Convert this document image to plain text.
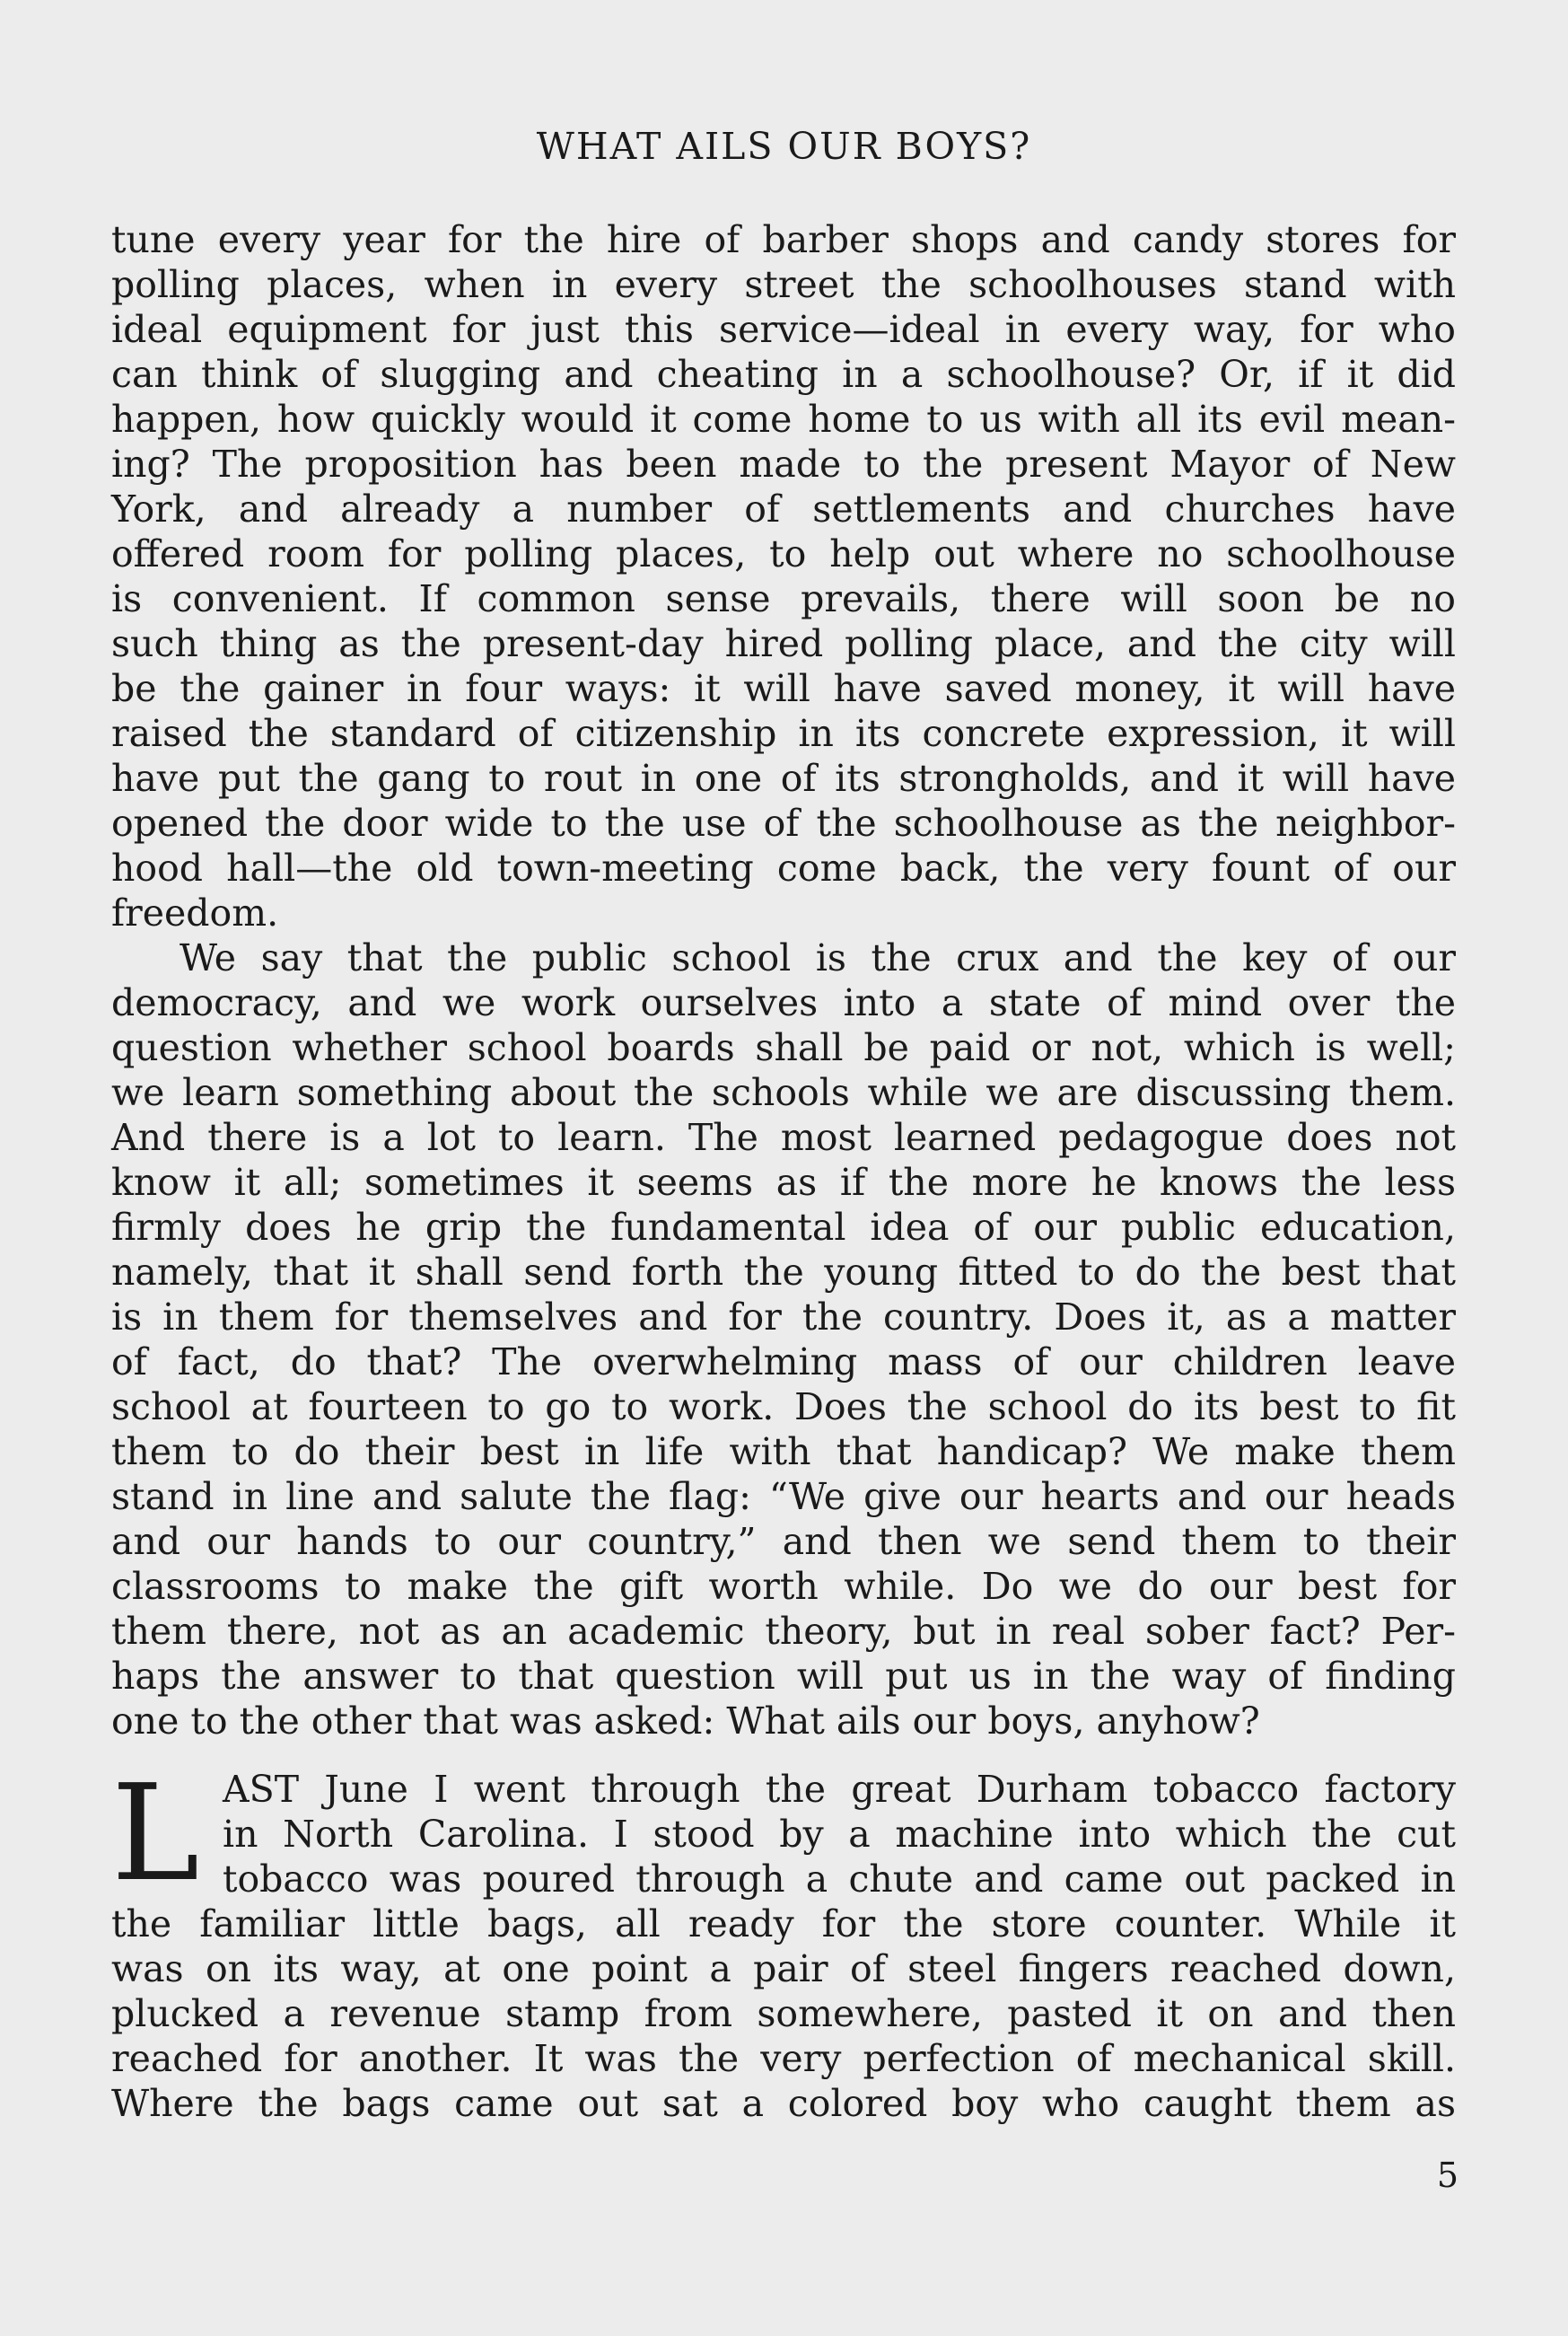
WHAT AILS OUR BOYS?
tune every year for the hire of barber shops and candy stores for
polling places, when in every street the schoolhouses stand with
ideal equipment for just this service—ideal in every way, for who
can think of slugging and cheating in a schoolhouse? Or, if it did
happen, how quickly would it come home to us with all its evil mean-
ing? The proposition has been made to the present Mayor of New
York, and already a number of settlements and churches have
offered room for polling places, to help out where no schoolhouse
is convenient. If common sense prevails, there will soon be no
such thing as the present-day hired polling place, and the city will
be the gainer in four ways: it will have saved money, it will have
raised the standard of citizenship in its concrete expression, it will
have put the gang to rout in one of its strongholds, and it will have
opened the door wide to the use of the schoolhouse as the neighbor-
hood hall—the old town-meeting come back, the very fount of our
freedom.
We say that the public school is the crux and the key of our
democracy, and we work ourselves into a state of mind over the
question whether school boards shall be paid or not, which is well;
we learn something about the schools while we are discussing them.
And there is a lot to learn. The most learned pedagogue does not
know it all; sometimes it seems as if the more he knows the less
firmly does he grip the fundamental idea of our public education,
namely, that it shall send forth the young fitted to do the best that
is in them for themselves and for the country. Does it, as a matter
of fact, do that? The overwhelming mass of our children leave
school at fourteen to go to work. Does the school do its best to fit
them to do their best in life with that handicap? We make them
stand in line and salute the flag: “We give our hearts and our heads
and our hands to our country,” and then we send them to their
classrooms to make the gift worth while. Do we do our best for
them there, not as an academic theory, but in real sober fact? Per-
haps the answer to that question will put us in the way of finding
one to the other that was asked: What ails our boys, anyhow?
L AST June I went through the great Durham tobacco factory
in North Carolina. I stood by a machine into which the cut
tobacco was poured through a chute and came out packed in
the familiar little bags, all ready for the store counter. While it
was on its way, at one point a pair of steel fingers reached down,
plucked a revenue stamp from somewhere, pasted it on and then
reached for another. It was the very perfection of mechanical skill.
Where the bags came out sat a colored boy who caught them as
5
